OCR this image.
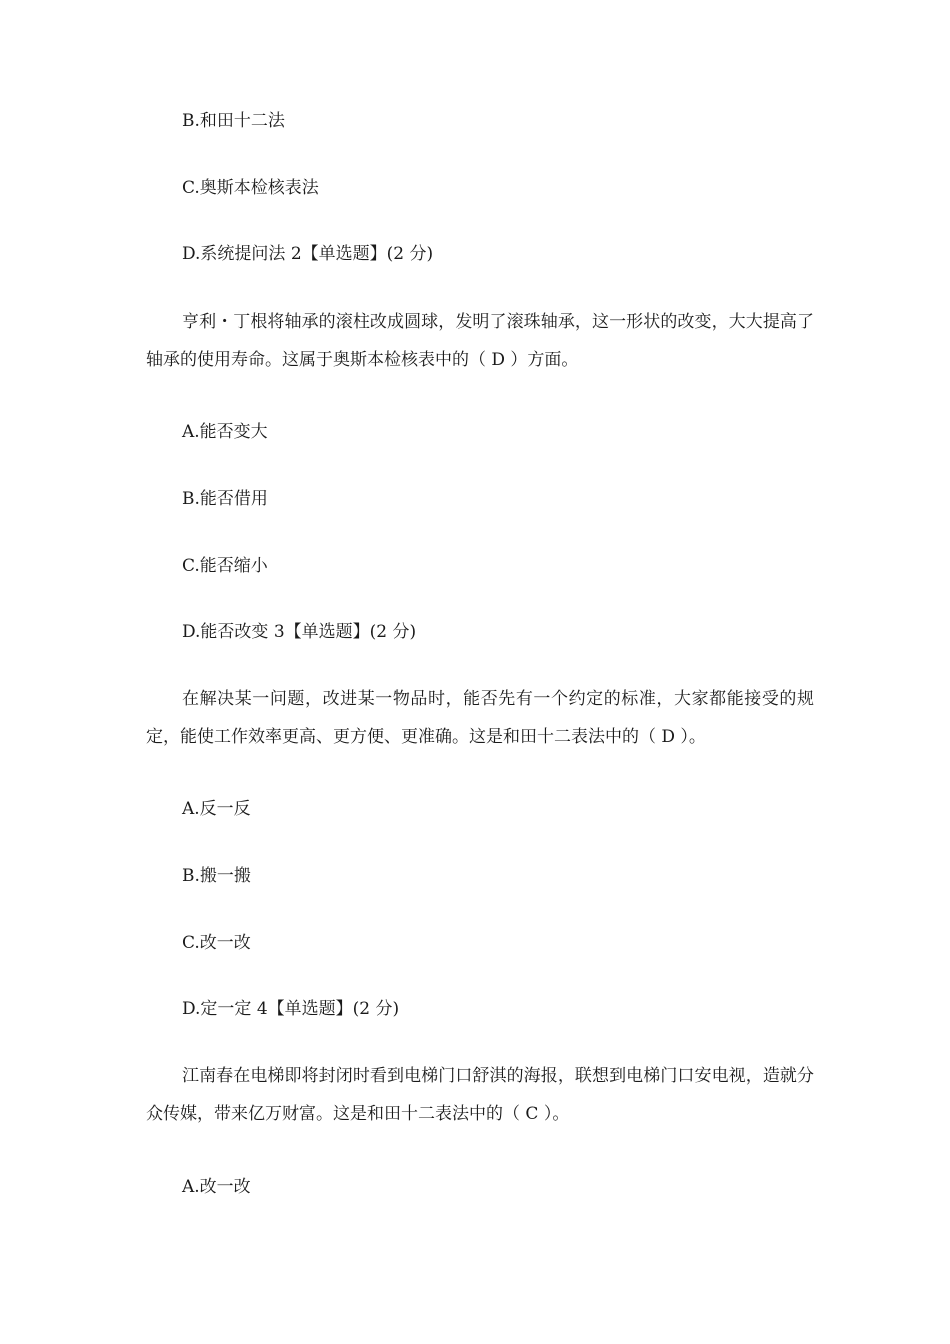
B.和田十二法
C.奥斯本检核表法
D.系统提问法 2【单选题】(2 分)
亨利・丁根将轴承的滚柱改成圆球，发明了滚珠轴承，这一形状的改变，大大提高了轴承的使用寿命。这属于奥斯本检核表中的（ D ）方面。
A.能否变大
B.能否借用
C.能否缩小
D.能否改变 3【单选题】(2 分)
在解决某一问题，改进某一物品时，能否先有一个约定的标准，大家都能接受的规定，能使工作效率更高、更方便、更准确。这是和田十二表法中的（ D ）。
A.反一反
B.搬一搬
C.改一改
D.定一定 4【单选题】(2 分)
江南春在电梯即将封闭时看到电梯门口舒淇的海报，联想到电梯门口安电视，造就分众传媒，带来亿万财富。这是和田十二表法中的（ C ）。
A.改一改
